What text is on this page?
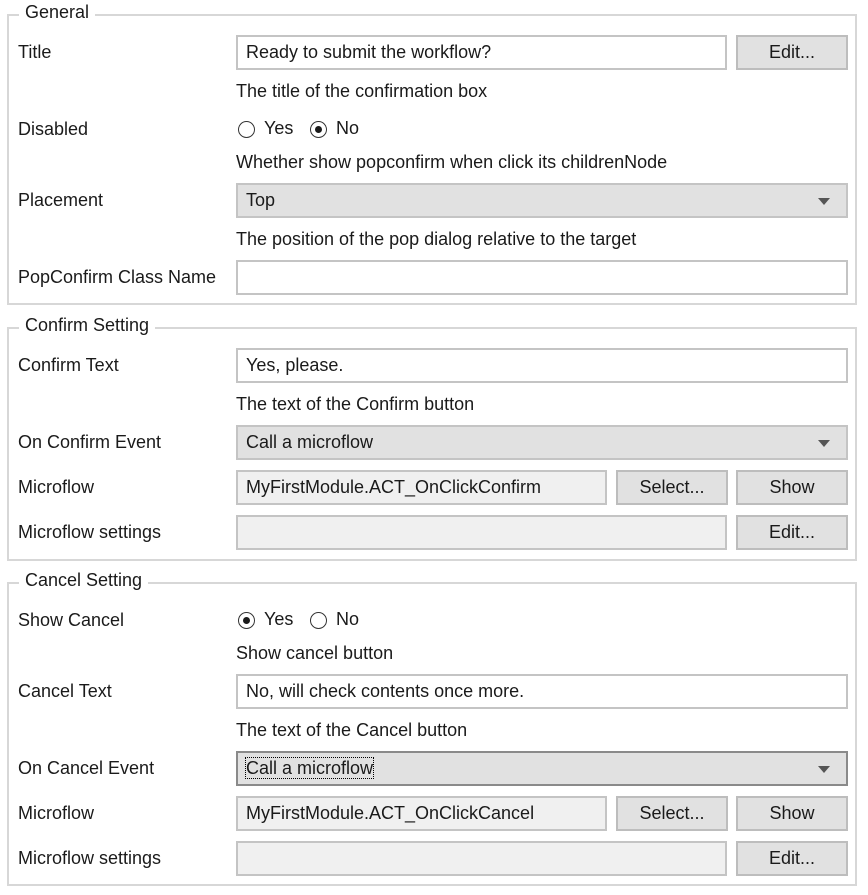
General
Title	Ready to submit the workflow?	Edit...
The title of the confirmation box
Disabled	Yes No
Whether show popconfirm when click its childrenNode
Placement	Top
The position of the pop dialog relative to the target
PopConfirm Class Name
Confirm Setting
Confirm Text	Yes, please.
The text of the Confirm button
On Confirm Event	Call a microflow
Microflow	MyFirstModule.ACT_OnClickConfirm	Select...	Show
Microflow settings	Edit...
Cancel Setting
Show Cancel	Yes No
Show cancel button
Cancel Text	No, will check contents once more.
The text of the Cancel button
On Cancel Event	Call a microflow
Microflow	MyFirstModule.ACT_OnClickCancel	Select...	Show
Microflow settings	Edit...
